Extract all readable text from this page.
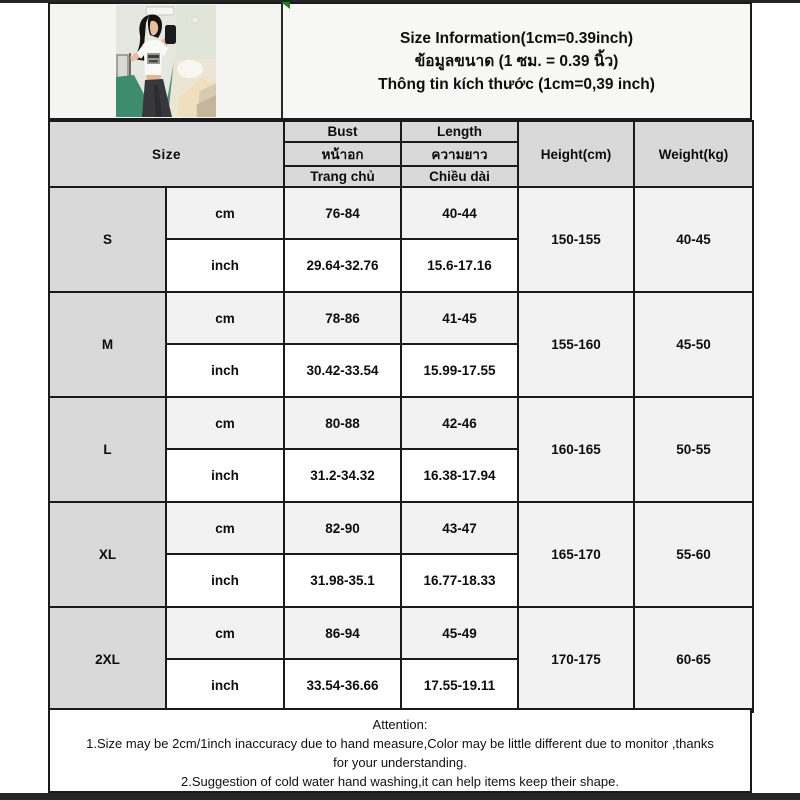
Size Information(1cm=0.39inch)
ข้อมูลขนาด (1 ซม. = 0.39 นิ้ว)
Thông tin kích thước (1cm=0,39 inch)
Size		Bust	Length	Height(cm)	Weight(kg)
		หน้าอก	ความยาว		
		Trang chủ	Chiều dài		
S	cm	76-84	40-44	150-155	40-45
	inch	29.64-32.76	15.6-17.16		
M	cm	78-86	41-45	155-160	45-50
	inch	30.42-33.54	15.99-17.55		
L	cm	80-88	42-46	160-165	50-55
	inch	31.2-34.32	16.38-17.94		
XL	cm	82-90	43-47	165-170	55-60
	inch	31.98-35.1	16.77-18.33		
2XL	cm	86-94	45-49	170-175	60-65
	inch	33.54-36.66	17.55-19.11		
Attention:
1.Size may be 2cm/1inch inaccuracy due to hand measure,Color may be little different due to monitor ,thanks for your understanding.
2.Suggestion of cold water hand washing,it can help items keep their shape.
